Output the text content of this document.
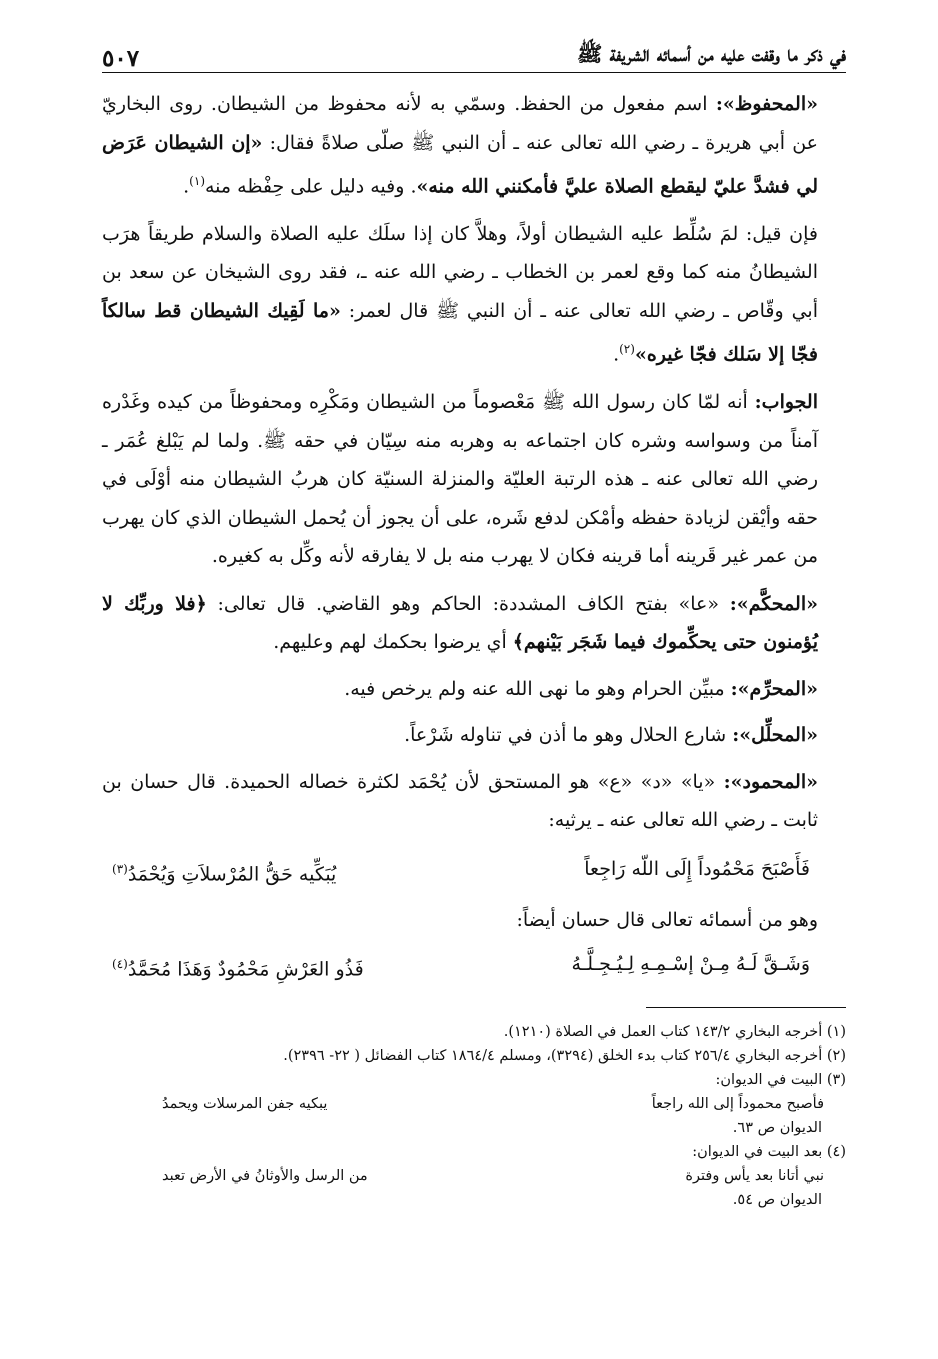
في ذكر ما وقفت عليه من أسمائه الشريفة ﷺ
٥٠٧

«المحفوظ»: اسم مفعول من الحفظ. وسمّي به لأنه محفوظ من الشيطان. روى البخاريّ عن أبي هريرة ـ رضي الله تعالى عنه ـ أن النبي ﷺ صلّى صلاةً فقال: «إن الشيطان عَرَض لي فشدَّ عليّ ليقطع الصلاة عليَّ فأمكنني الله منه». وفيه دليل على حِفْظه منه$^{(١)}$.

فإن قيل: لمَ سُلِّط عليه الشيطان أولاً، وهلاَّ كان إذا سلَك عليه الصلاة والسلام طريقاً هرَب الشيطانُ منه كما وقع لعمر بن الخطاب ـ رضي الله عنه ـ، فقد روى الشيخان عن سعد بن أبي وقّاص ـ رضي الله تعالى عنه ـ أن النبي ﷺ قال لعمر: «ما لَقِيك الشيطان قط سالكاً فجّا إلا سَلك فجّا غيره»$^{(٢)}$.

الجواب: أنه لمّا كان رسول الله ﷺ مَعْصوماً من الشيطان ومَكْرِه ومحفوظاً من كيده وغَدْره آمناً من وسواسه وشره كان اجتماعه به وهربه منه سِيّان في حقه ﷺ. ولما لم يَبْلغ عُمَر ـ رضي الله تعالى عنه ـ هذه الرتبة العليّة والمنزلة السنيّة كان هربُ الشيطان منه أوْلَى في حقه وأيْقن لزيادة حفظه وأمْكن لدفع شَره، على أن يجوز أن يُحمل الشيطان الذي كان يهرب من عمر غير قَرينه أما قرينه فكان لا يهرب منه بل لا يفارقه لأنه وكِّل به كغيره.

«المحكَّم»: «عا» بفتح الكاف المشددة: الحاكم وهو القاضي. قال تعالى: ﴿فلا وربِّك لا يُؤمنون حتى يحكِّموك فيما شَجَر بَيْنهم﴾ أي يرضوا بحكمك لهم وعليهم.

«المحرِّم»: مبيِّن الحرام وهو ما نهى الله عنه ولم يرخص فيه.

«المحلِّل»: شارع الحلال وهو ما أذن في تناوله شَرْعاً.

«المحمود»: «يا» «د» «ع» هو المستحق لأن يُحْمَد لكثرة خصاله الحميدة. قال حسان بن ثابت ـ رضي الله تعالى عنه ـ يرثيه:

فَأَصْبَحَ مَحْمُوداً إِلَى اللّه رَاجِعاً
يُبَكِّيه حَقُّ المُرْسلاَتِ وَيُحْمَدُ$^{(٣)}$
وهو من أسمائه تعالى قال حسان أيضاً:
وَشَـقَّ لَـهُ مِـنْ إسْـمِـهِ لِـيُـجِـلَّـهُ
فَذُو العَرْشِ مَحْمُودٌ وَهَذَا مُحَمَّدُ$^{(٤)}$

(١) أخرجه البخاري ١٤٣/٢ كتاب العمل في الصلاة (١٢١٠).

(٢) أخرجه البخاري ٢٥٦/٤ كتاب بدء الخلق (٣٢٩٤)، ومسلم ١٨٦٤/٤ كتاب الفضائل ( ٢٢- ٢٣٩٦).

(٣) البيت في الديوان:

فأصبح محموداً إلى الله راجعاً
يبكيه جفن المرسلات ويحمدُ

الديوان ص ٦٣.

(٤) بعد البيت في الديوان:

نبي أتانا بعد يأس وفترة
من الرسل والأوثانُ في الأرض تعبد

الديوان ص ٥٤.
